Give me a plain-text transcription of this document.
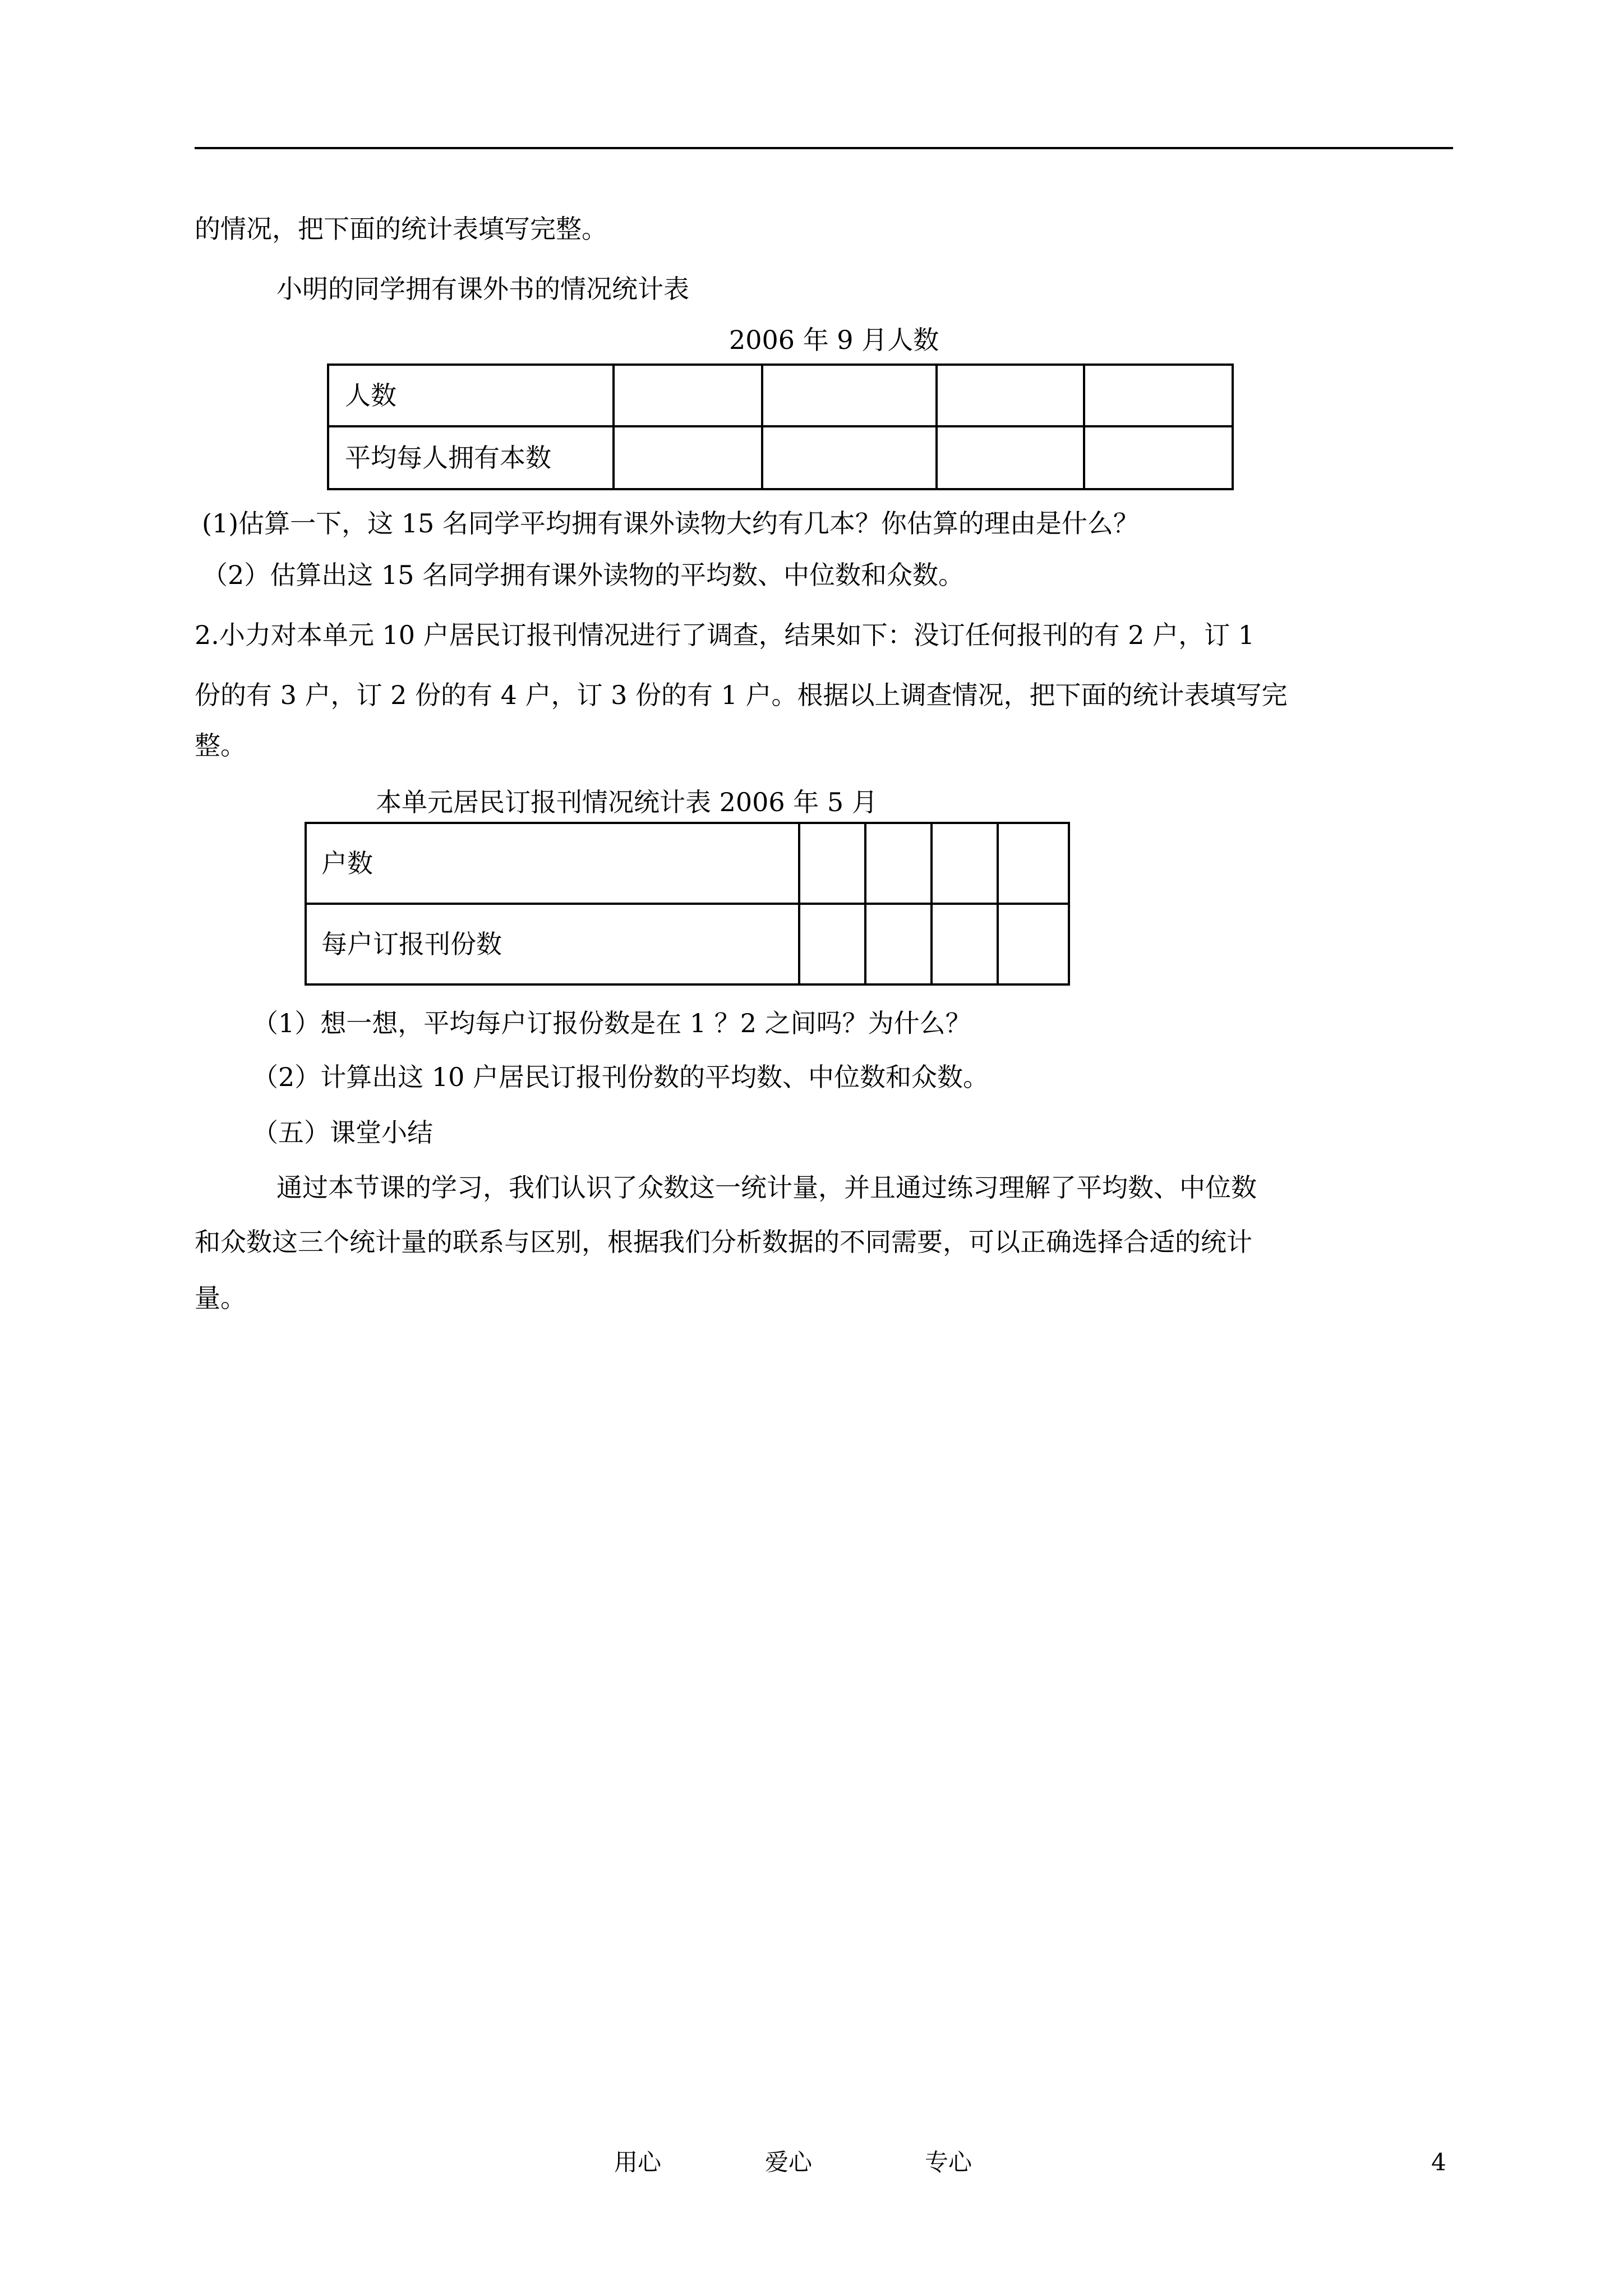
的情况，把下面的统计表填写完整。
小明的同学拥有课外书的情况统计表
2006 年 9 月人数
人数				
平均每人拥有本数				
(1)估算一下，这 15 名同学平均拥有课外读物大约有几本？你估算的理由是什么？
（2）估算出这 15 名同学拥有课外读物的平均数、中位数和众数。
2.小力对本单元 10 户居民订报刊情况进行了调查，结果如下：没订任何报刊的有 2 户，订 1
份的有 3 户，订 2 份的有 4 户，订 3 份的有 1 户。根据以上调查情况，把下面的统计表填写完
整。
本单元居民订报刊情况统计表 2006 年 5 月
户数				
每户订报刊份数				
（1）想一想，平均每户订报份数是在 1 ？2 之间吗？为什么？
（2）计算出这 10 户居民订报刊份数的平均数、中位数和众数。
（五）课堂小结
通过本节课的学习，我们认识了众数这一统计量，并且通过练习理解了平均数、中位数
和众数这三个统计量的联系与区别，根据我们分析数据的不同需要，可以正确选择合适的统计
量。
用心	爱心	专心	4
